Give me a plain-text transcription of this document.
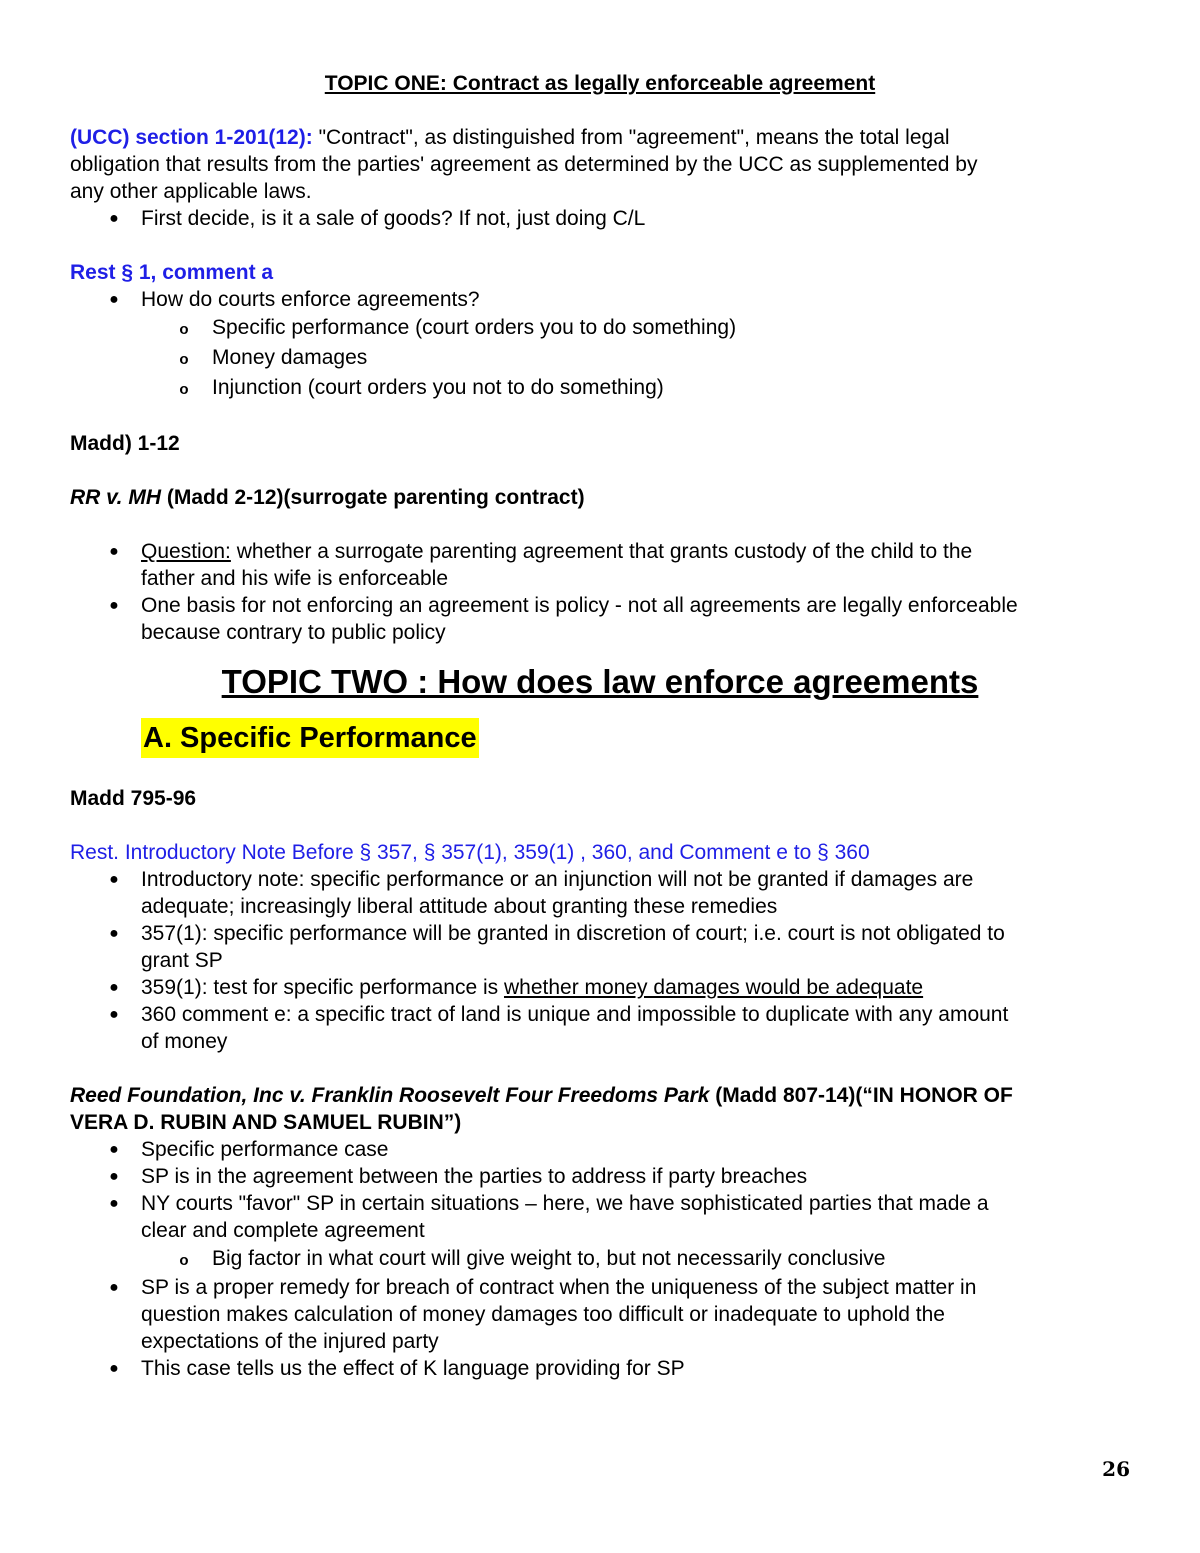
TOPIC ONE: Contract as legally enforceable agreement

(UCC) section 1-201(12): "Contract", as distinguished from "agreement", means the total legal

obligation that results from the parties' agreement as determined by the UCC as supplemented by

any other applicable laws.

● First decide, is it a sale of goods? If not, just doing C/L

Rest § 1, comment a

● How do courts enforce agreements?
o Specific performance (court orders you to do something)
o Money damages
o Injunction (court orders you not to do something)

Madd) 1-12

RR v. MH (Madd 2-12)(surrogate parenting contract)

● Question: whether a surrogate parenting agreement that grants custody of the child to the
father and his wife is enforceable
● One basis for not enforcing an agreement is policy - not all agreements are legally enforceable
because contrary to public policy

TOPIC TWO : How does law enforce agreements

A. Specific Performance

Madd 795-96

Rest. Introductory Note Before § 357, § 357(1), 359(1) , 360, and Comment e to § 360

● Introductory note: specific performance or an injunction will not be granted if damages are
adequate; increasingly liberal attitude about granting these remedies
● 357(1): specific performance will be granted in discretion of court; i.e. court is not obligated to
grant SP
● 359(1): test for specific performance is whether money damages would be adequate
● 360 comment e: a specific tract of land is unique and impossible to duplicate with any amount
of money

Reed Foundation, Inc v. Franklin Roosevelt Four Freedoms Park (Madd 807-14)(“IN HONOR OF

VERA D. RUBIN AND SAMUEL RUBIN”)

● Specific performance case
● SP is in the agreement between the parties to address if party breaches
● NY courts "favor" SP in certain situations – here, we have sophisticated parties that made a
clear and complete agreement
o Big factor in what court will give weight to, but not necessarily conclusive
● SP is a proper remedy for breach of contract when the uniqueness of the subject matter in
question makes calculation of money damages too difficult or inadequate to uphold the
expectations of the injured party
● This case tells us the effect of K language providing for SP
26
